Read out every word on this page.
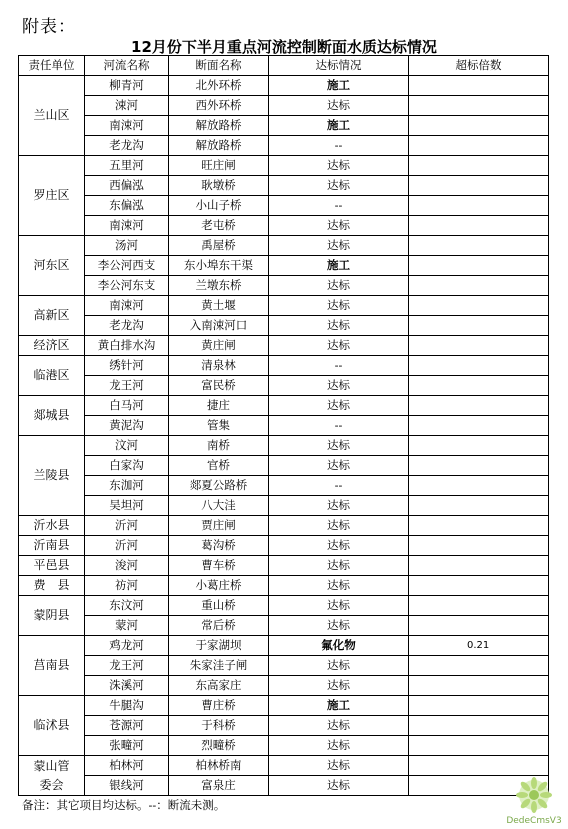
附表：
12月份下半月重点河流控制断面水质达标情况
责任单位	河流名称	断面名称	达标情况	超标倍数
兰山区	柳青河	北外环桥	施工	
	涑河	西外环桥	达标	
	南涑河	解放路桥	施工	
	老龙沟	解放路桥	--	
罗庄区	五里河	旺庄闸	达标	
	西偏泓	耿墩桥	达标	
	东偏泓	小山子桥	--	
	南涑河	老屯桥	达标	
河东区	汤河	禹屋桥	达标	
	李公河西支	东小埠东干渠	施工	
	李公河东支	兰墩东桥	达标	
高新区	南涑河	黄土堰	达标	
	老龙沟	入南涑河口	达标	
经济区	黄白排水沟	黄庄闸	达标	
临港区	绣针河	清泉林	--	
	龙王河	富民桥	达标	
郯城县	白马河	捷庄	达标	
	黄泥沟	管集	--	
兰陵县	汶河	南桥	达标	
	白家沟	官桥	达标	
	东泇河	郯夏公路桥	--	
	吴坦河	八大洼	达标	
沂水县	沂河	贾庄闸	达标	
沂南县	沂河	葛沟桥	达标	
平邑县	浚河	曹车桥	达标	
费　县	祊河	小葛庄桥	达标	
蒙阴县	东汶河	重山桥	达标	
	蒙河	常后桥	达标	
莒南县	鸡龙河	于家湖坝	氟化物	0.21
	龙王河	朱家洼子闸	达标	
	洙溪河	东高家庄	达标	
临沭县	牛腿沟	曹庄桥	施工	
	苍源河	于科桥	达标	
	张疃河	烈疃桥	达标	
蒙山管
委会	柏林河	柏林桥南	达标	
	银线河	富泉庄	达标	
备注：其它项目均达标。--：断流未测。
DedeCmsV3
